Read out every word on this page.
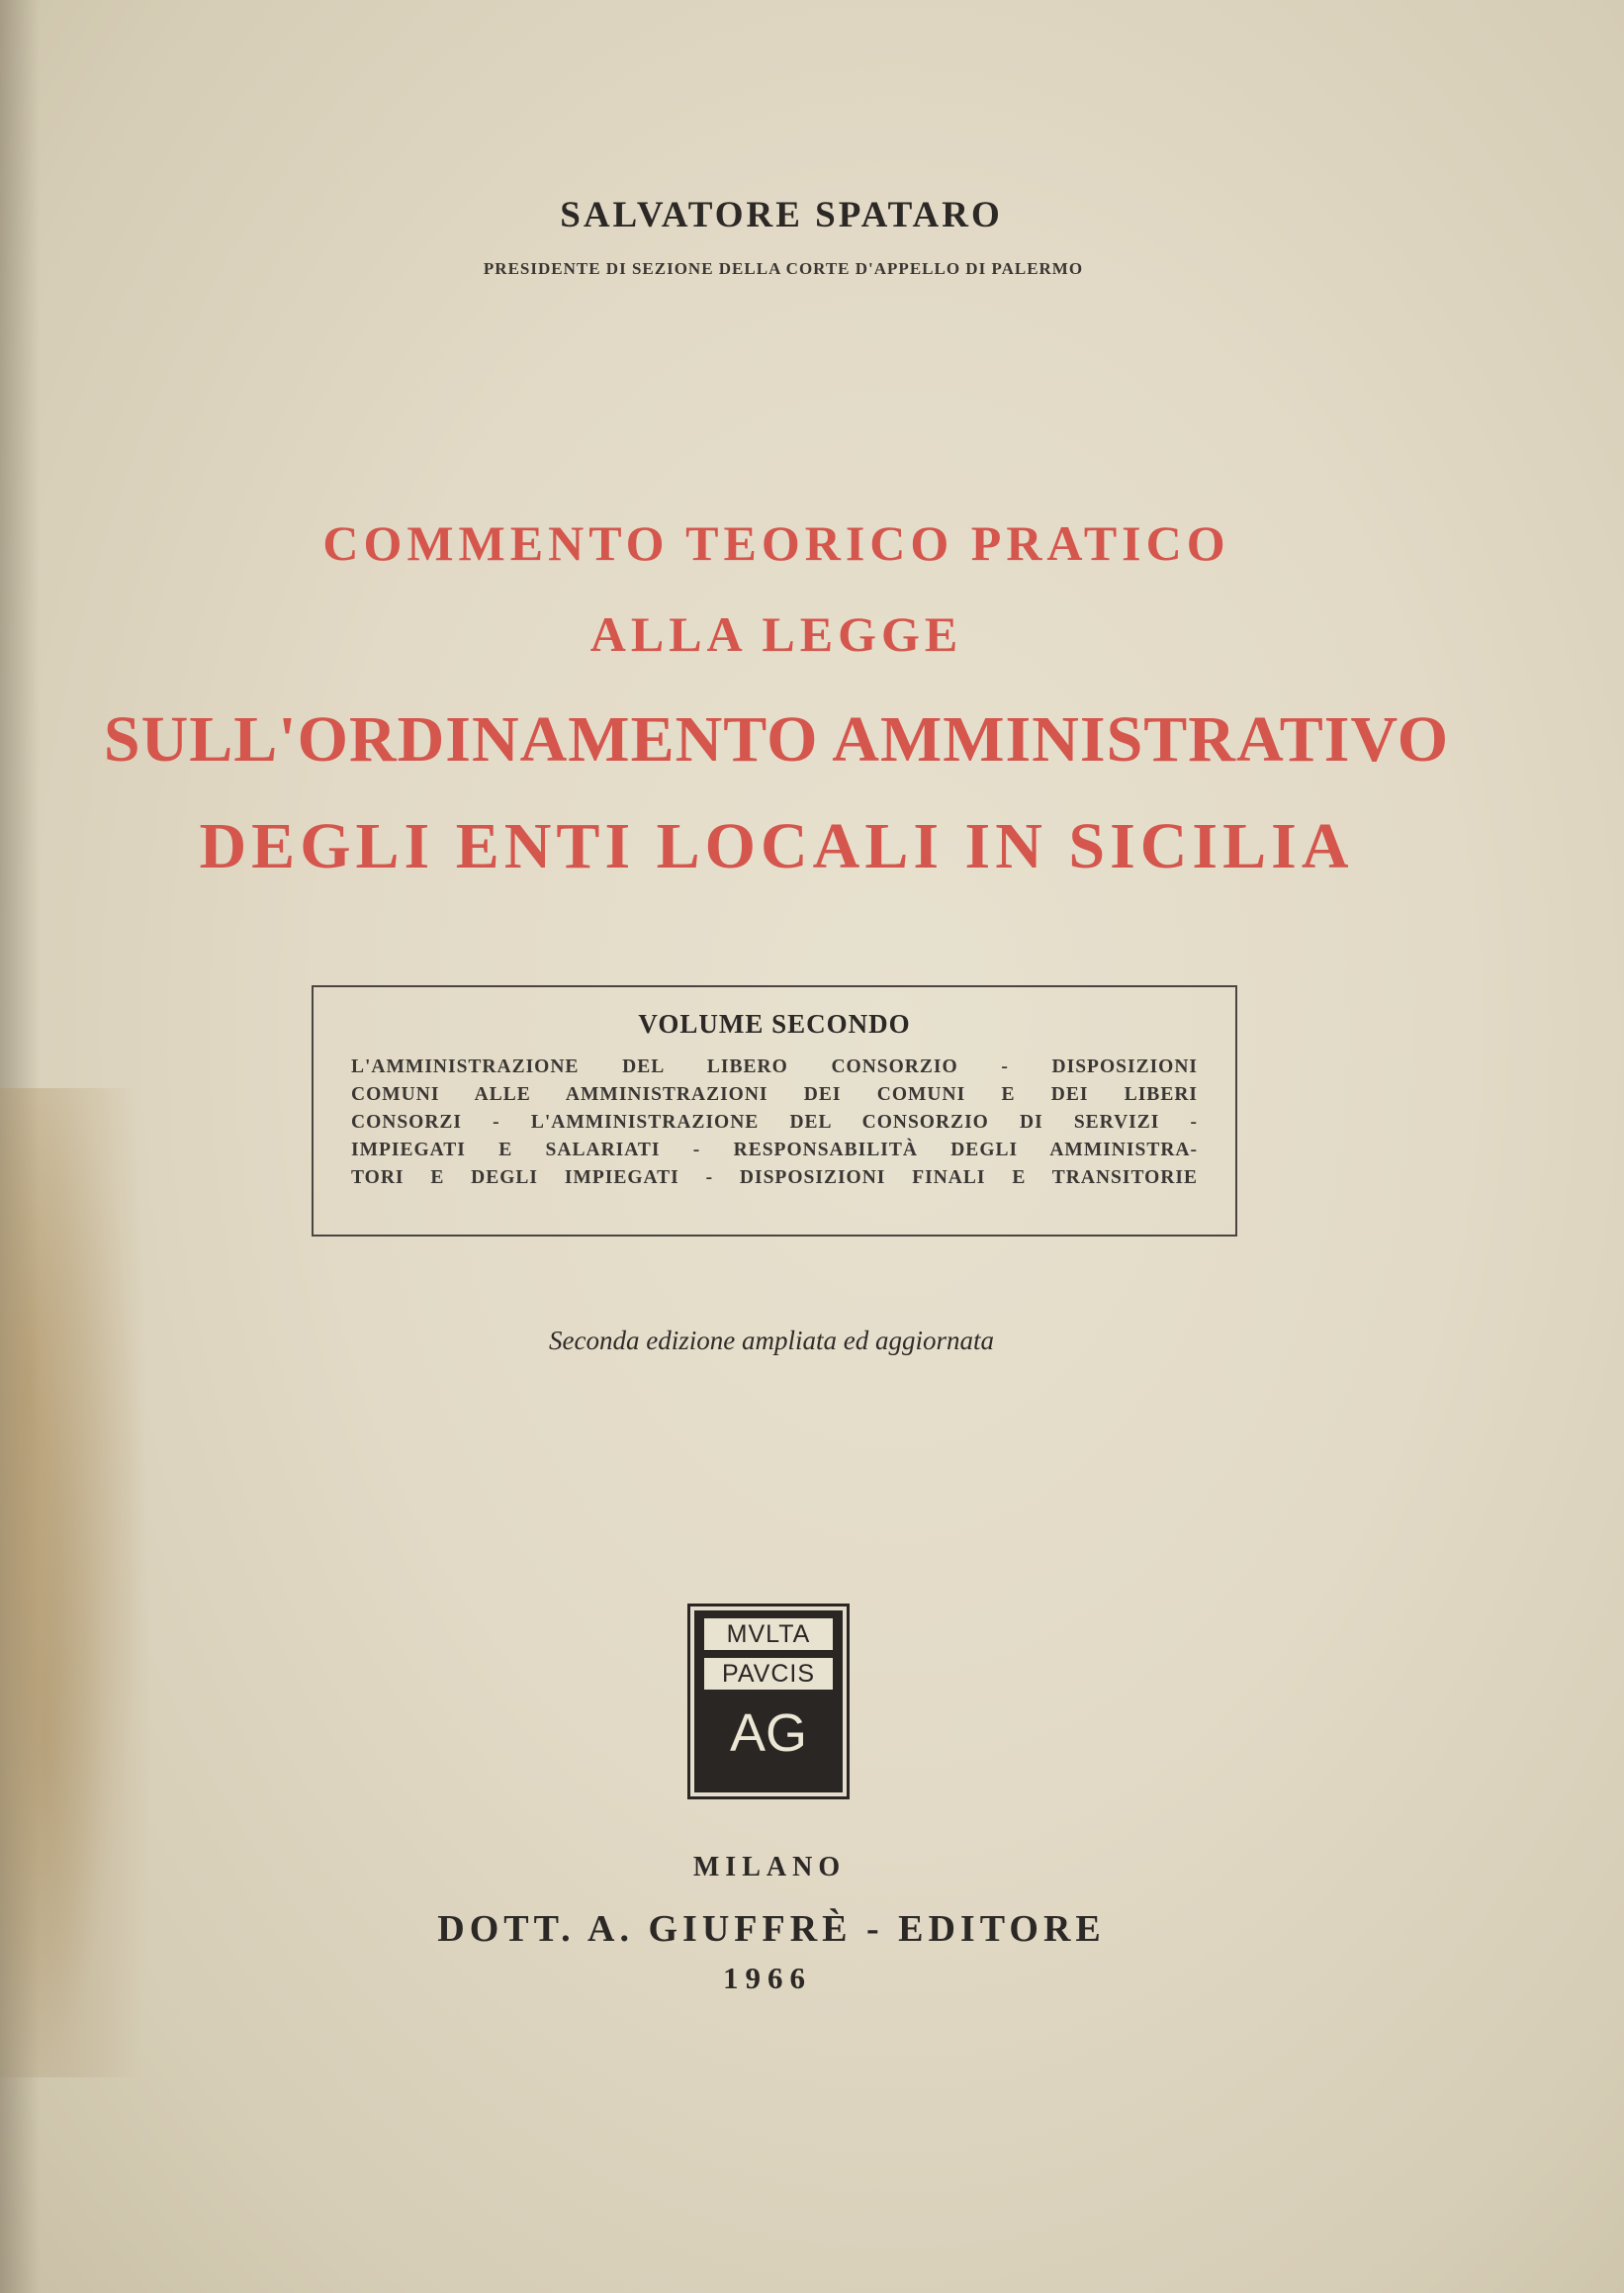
SALVATORE SPATARO

PRESIDENTE DI SEZIONE DELLA CORTE D'APPELLO DI PALERMO

COMMENTO TEORICO PRATICO

ALLA LEGGE

SULL'ORDINAMENTO AMMINISTRATIVO

DEGLI ENTI LOCALI IN SICILIA

VOLUME SECONDO

L'AMMINISTRAZIONE DEL LIBERO CONSORZIO - DISPOSIZIONI
COMUNI ALLE AMMINISTRAZIONI DEI COMUNI E DEI LIBERI
CONSORZI - L'AMMINISTRAZIONE DEL CONSORZIO DI SERVIZI -
IMPIEGATI E SALARIATI - RESPONSABILITÀ DEGLI AMMINISTRA-
TORI E DEGLI IMPIEGATI - DISPOSIZIONI FINALI E TRANSITORIE

Seconda edizione ampliata ed aggiornata

MVLTA
PAVCIS
AG

MILANO

DOTT. A. GIUFFRÈ - EDITORE

1966
